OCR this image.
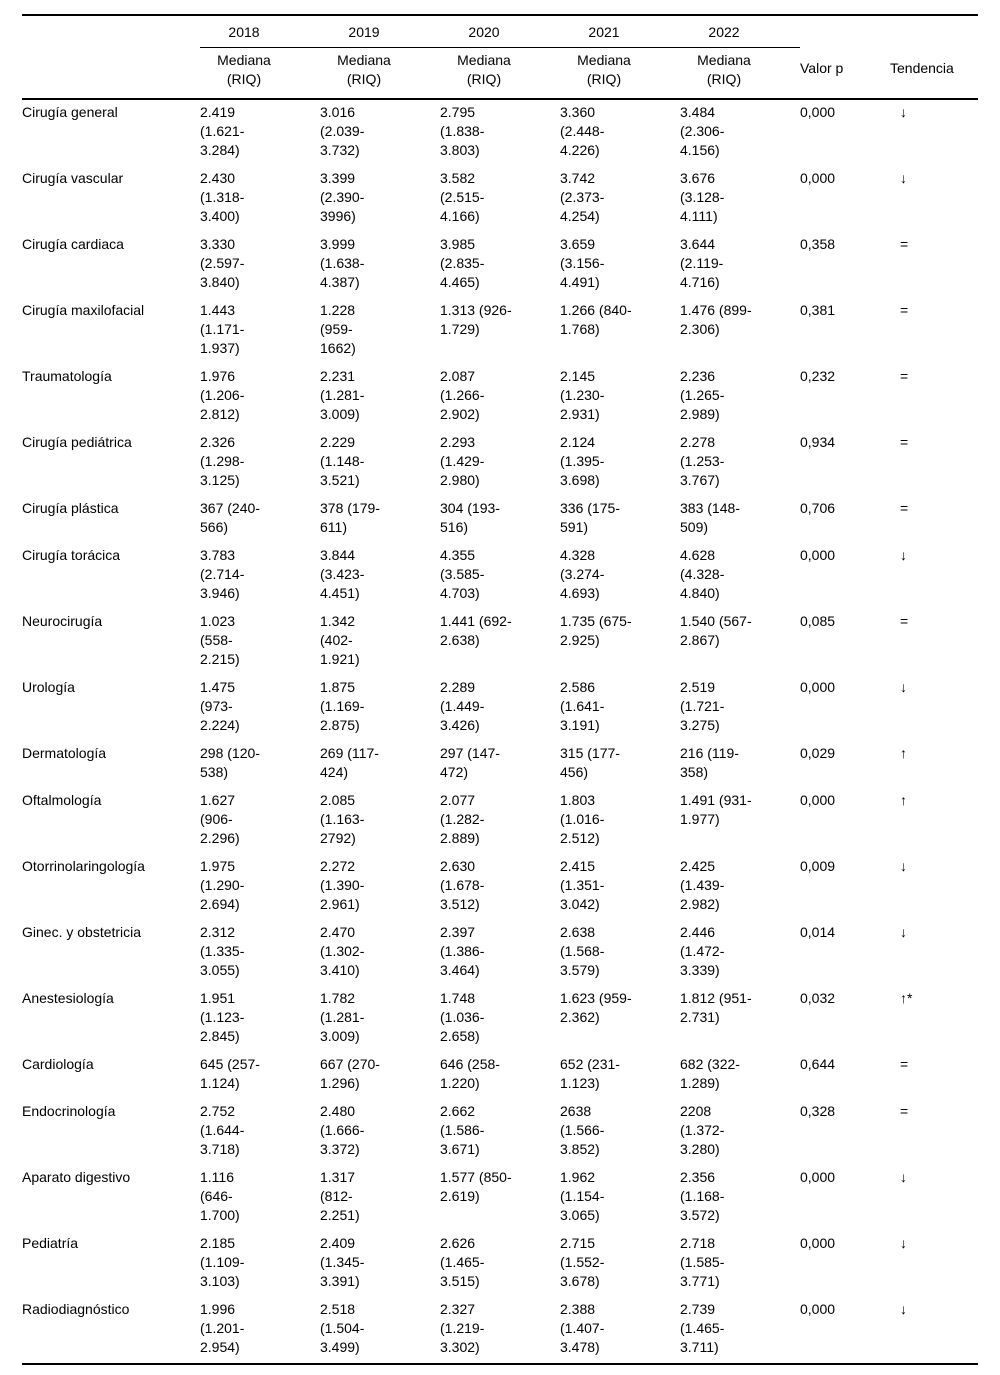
	2018	2019	2020	2021	2022		
	Mediana (RIQ)	Mediana (RIQ)	Mediana (RIQ)	Mediana (RIQ)	Mediana (RIQ)	Valor p	Tendencia
Cirugía general	2.419 (1.621-3.284)	3.016 (2.039-3.732)	2.795 (1.838-3.803)	3.360 (2.448-4.226)	3.484 (2.306-4.156)	0,000	↓
Cirugía vascular	2.430 (1.318-3.400)	3.399 (2.390-3996)	3.582 (2.515-4.166)	3.742 (2.373-4.254)	3.676 (3.128-4.111)	0,000	↓
Cirugía cardiaca	3.330 (2.597-3.840)	3.999 (1.638-4.387)	3.985 (2.835-4.465)	3.659 (3.156-4.491)	3.644 (2.119-4.716)	0,358	=
Cirugía maxilofacial	1.443 (1.171-1.937)	1.228 (959-1662)	1.313 (926-1.729)	1.266 (840-1.768)	1.476 (899-2.306)	0,381	=
Traumatología	1.976 (1.206-2.812)	2.231 (1.281-3.009)	2.087 (1.266-2.902)	2.145 (1.230-2.931)	2.236 (1.265-2.989)	0,232	=
Cirugía pediátrica	2.326 (1.298-3.125)	2.229 (1.148-3.521)	2.293 (1.429-2.980)	2.124 (1.395-3.698)	2.278 (1.253-3.767)	0,934	=
Cirugía plástica	367 (240-566)	378 (179-611)	304 (193-516)	336 (175-591)	383 (148-509)	0,706	=
Cirugía torácica	3.783 (2.714-3.946)	3.844 (3.423-4.451)	4.355 (3.585-4.703)	4.328 (3.274-4.693)	4.628 (4.328-4.840)	0,000	↓
Neurocirugía	1.023 (558-2.215)	1.342 (402-1.921)	1.441 (692-2.638)	1.735 (675-2.925)	1.540 (567-2.867)	0,085	=
Urología	1.475 (973-2.224)	1.875 (1.169-2.875)	2.289 (1.449-3.426)	2.586 (1.641-3.191)	2.519 (1.721-3.275)	0,000	↓
Dermatología	298 (120-538)	269 (117-424)	297 (147-472)	315 (177-456)	216 (119-358)	0,029	↑
Oftalmología	1.627 (906-2.296)	2.085 (1.163-2792)	2.077 (1.282-2.889)	1.803 (1.016-2.512)	1.491 (931-1.977)	0,000	↑
Otorrinolaringología	1.975 (1.290-2.694)	2.272 (1.390-2.961)	2.630 (1.678-3.512)	2.415 (1.351-3.042)	2.425 (1.439-2.982)	0,009	↓
Ginec. y obstetricia	2.312 (1.335-3.055)	2.470 (1.302-3.410)	2.397 (1.386-3.464)	2.638 (1.568-3.579)	2.446 (1.472-3.339)	0,014	↓
Anestesiología	1.951 (1.123-2.845)	1.782 (1.281-3.009)	1.748 (1.036-2.658)	1.623 (959-2.362)	1.812 (951-2.731)	0,032	↑*
Cardiología	645 (257-1.124)	667 (270-1.296)	646 (258-1.220)	652 (231-1.123)	682 (322-1.289)	0,644	=
Endocrinología	2.752 (1.644-3.718)	2.480 (1.666-3.372)	2.662 (1.586-3.671)	2638 (1.566-3.852)	2208 (1.372-3.280)	0,328	=
Aparato digestivo	1.116 (646-1.700)	1.317 (812-2.251)	1.577 (850-2.619)	1.962 (1.154-3.065)	2.356 (1.168-3.572)	0,000	↓
Pediatría	2.185 (1.109-3.103)	2.409 (1.345-3.391)	2.626 (1.465-3.515)	2.715 (1.552-3.678)	2.718 (1.585-3.771)	0,000	↓
Radiodiagnóstico	1.996 (1.201-2.954)	2.518 (1.504-3.499)	2.327 (1.219-3.302)	2.388 (1.407-3.478)	2.739 (1.465-3.711)	0,000	↓
